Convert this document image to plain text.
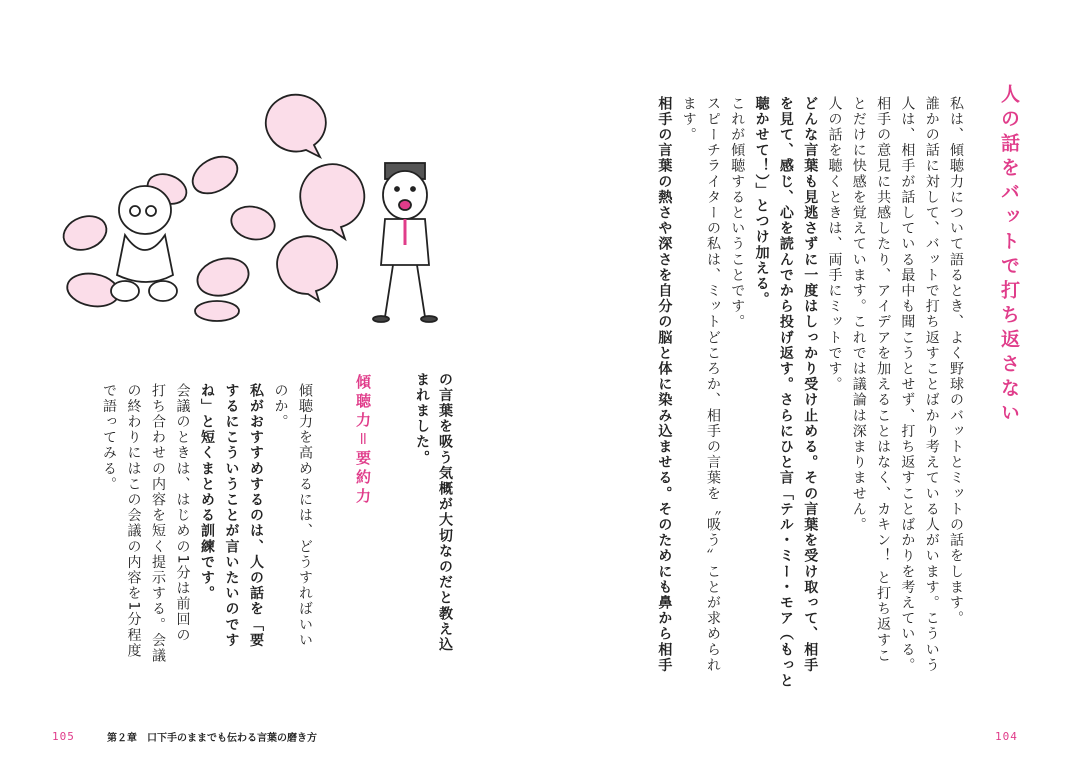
人の話をバットで打ち返さない
私は、傾聴力について語るとき、よく野球のバットとミットの話をします。
誰かの話に対して、バットで打ち返すことばかり考えている人がいます。こういう
人は、相手が話している最中も聞こうとせず、打ち返すことばかりを考えている。
相手の意見に共感したり、アイデアを加えることはなく、カキン！ と打ち返すこ
とだけに快感を覚えています。これでは議論は深まりません。
人の話を聴くときは、両手にミットです。
どんな言葉も見逃さずに一度はしっかり受け止める。その言葉を受け取って、相手
を見て、感じ、心を読んでから投げ返す。さらにひと言「テル・ミー・モア（もっと
聴かせて！）」とつけ加える。
これが傾聴するということです。
スピーチライターの私は、ミットどころか、相手の言葉を〝吸う〟ことが求められ
ます。
相手の言葉の熱さや深さを自分の脳と体に染み込ませる。そのためにも鼻から相手
104
の言葉を吸う気概が大切なのだと教え込
まれました。
傾聴力＝要約力
傾聴力を高めるには、どうすればいい
のか。
私がおすすめするのは、人の話を「要
するにこういうことが言いたいのです
ね」と短くまとめる訓練です。
会議のときは、はじめの1分は前回の
打ち合わせの内容を短く提示する。会議
の終わりにはこの会議の内容を1分程度
で語ってみる。
105	第２章　口下手のままでも伝わる言葉の磨き方
